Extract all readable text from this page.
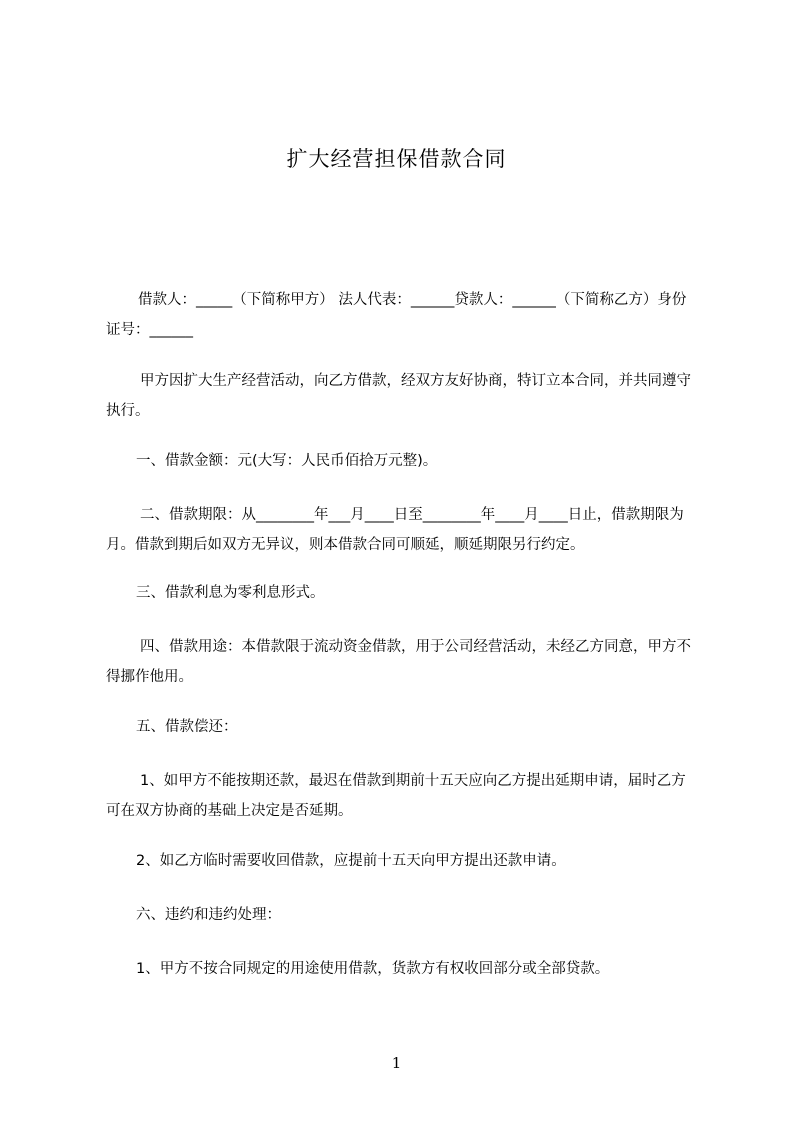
扩大经营担保借款合同

借款人：_____（下简称甲方） 法人代表：______贷款人：______（下简称乙方）身份证号：______

甲方因扩大生产经营活动，向乙方借款，经双方友好协商，特订立本合同，并共同遵守执行。

一、借款金额：元(大写：人民币佰拾万元整)。

二、借款期限：从________年___月____日至________年____月____日止，借款期限为月。借款到期后如双方无异议，则本借款合同可顺延，顺延期限另行约定。

三、借款利息为零利息形式。

四、借款用途：本借款限于流动资金借款，用于公司经营活动，未经乙方同意，甲方不得挪作他用。

五、借款偿还：

1、如甲方不能按期还款，最迟在借款到期前十五天应向乙方提出延期申请，届时乙方可在双方协商的基础上决定是否延期。

2、如乙方临时需要收回借款，应提前十五天向甲方提出还款申请。

六、违约和违约处理：

1、甲方不按合同规定的用途使用借款，货款方有权收回部分或全部贷款。

1
